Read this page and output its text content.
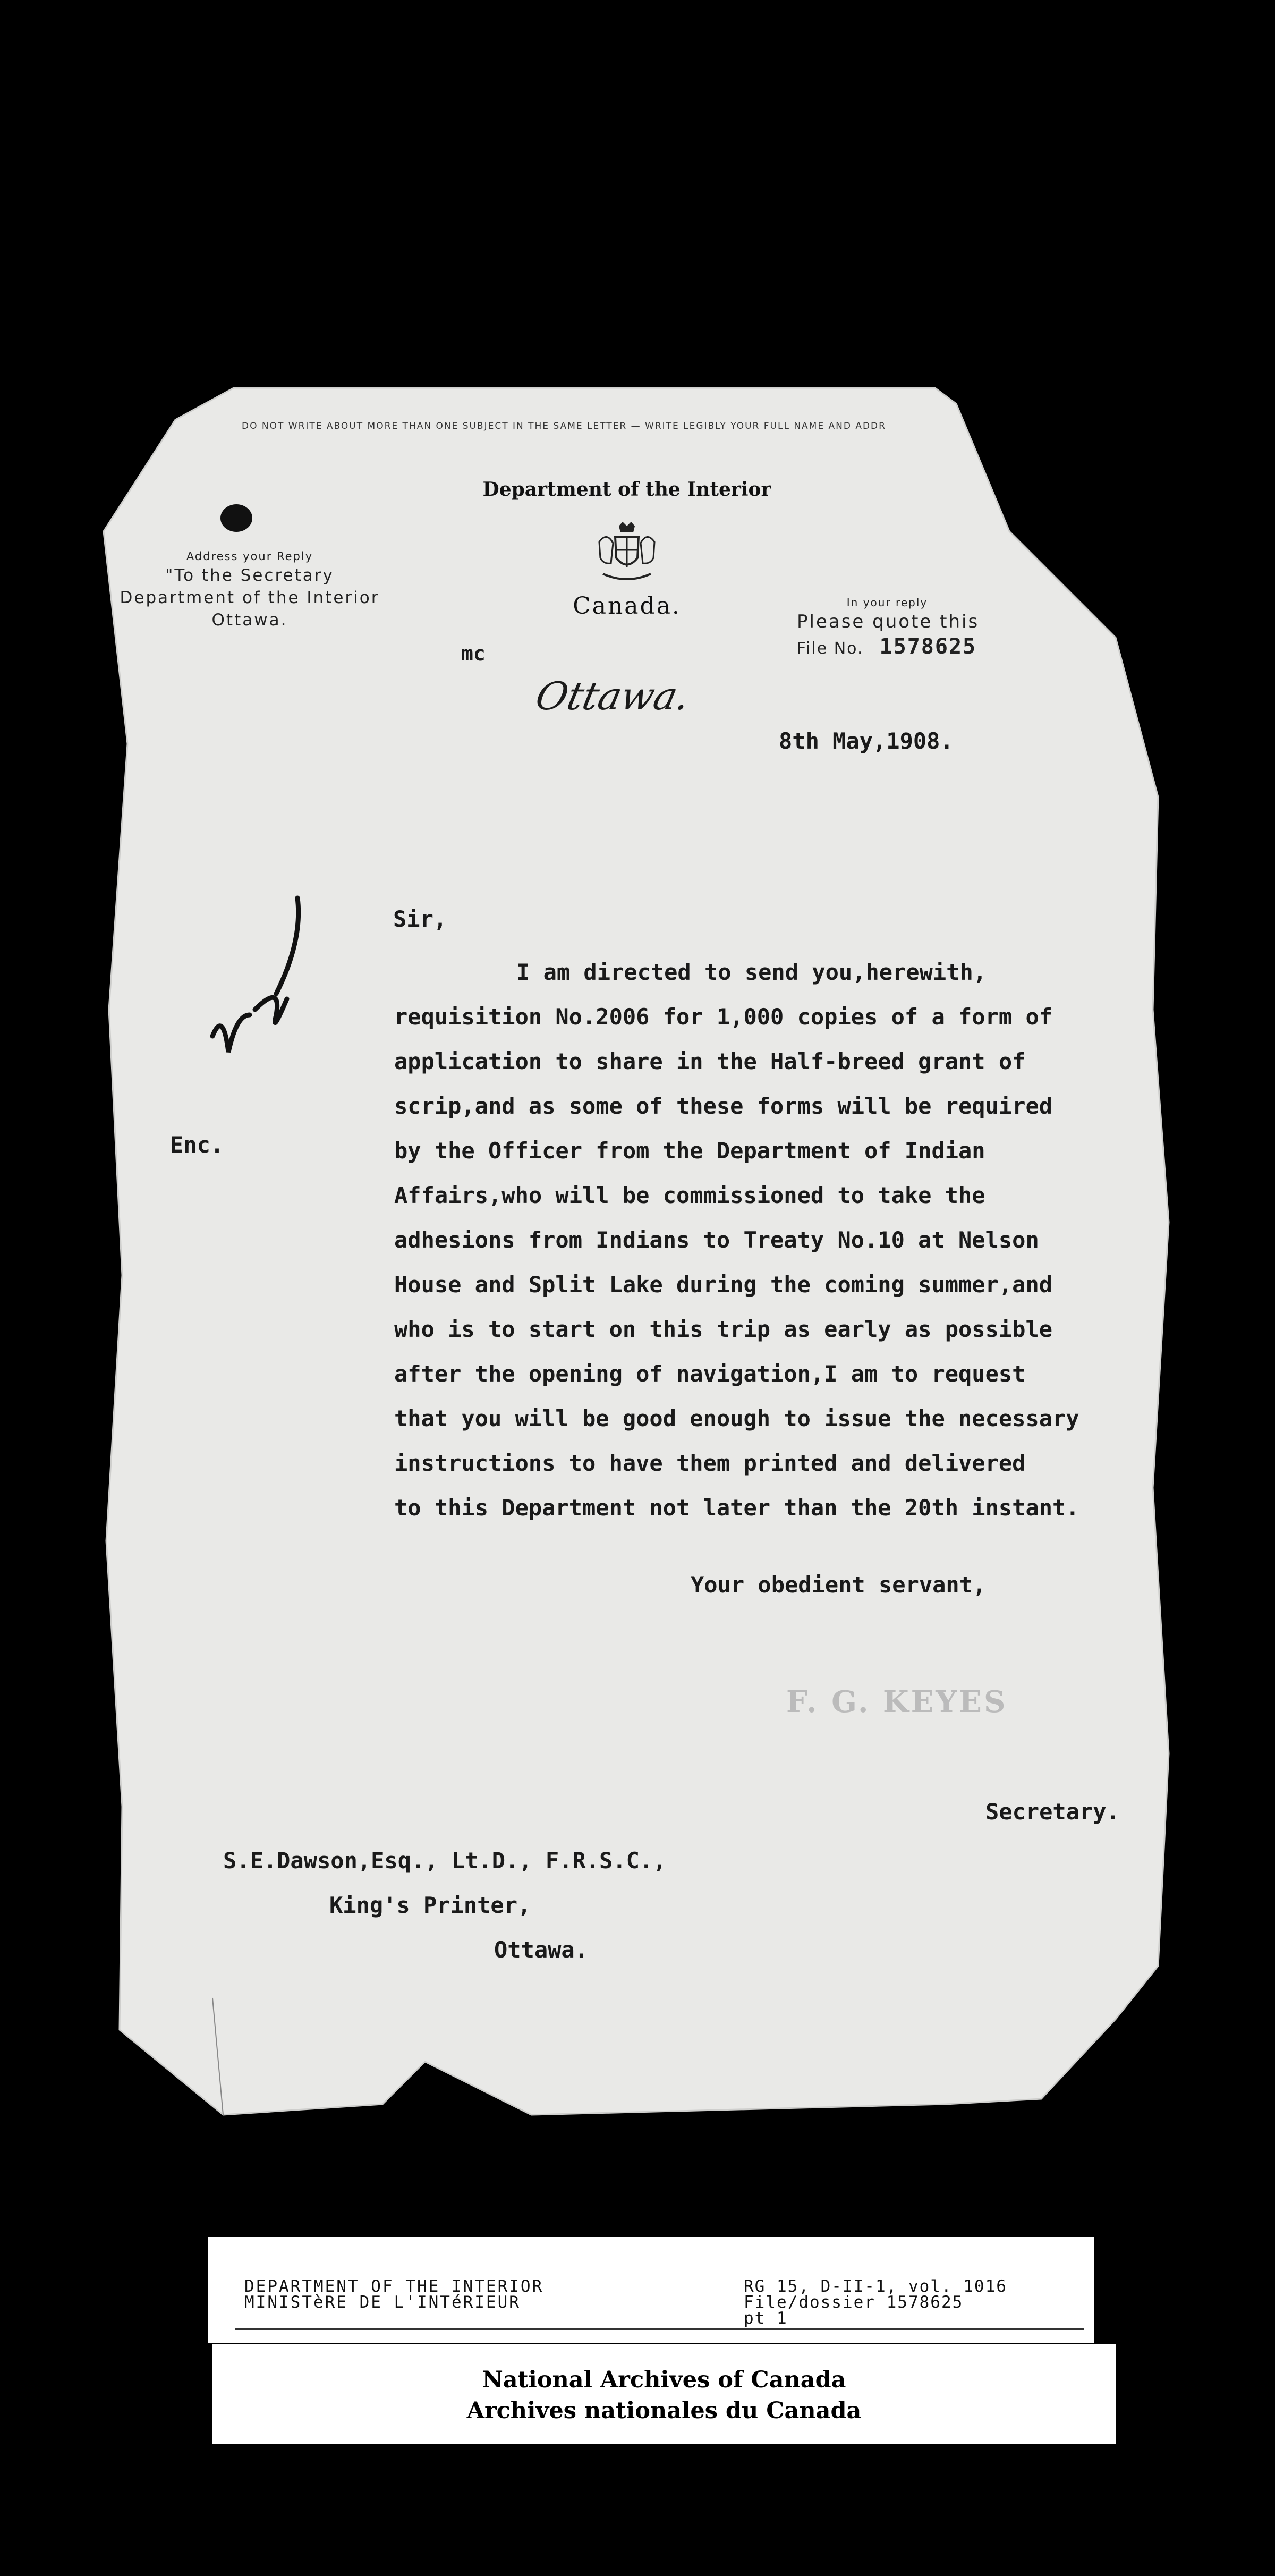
DO NOT WRITE ABOUT MORE THAN ONE SUBJECT IN THE SAME LETTER — WRITE LEGIBLY YOUR FULL NAME AND ADDR
Address your Reply
"To the Secretary
Department of the Interior
Ottawa.
Department of the Interior
Canada.	In your reply
Please quote this
File No. 1578625
mc
Ottawa.
8th May,1908.
Sir,
Enc.
I am directed to send you,herewith,
requisition No.2006 for 1,000 copies of a form of
application to share in the Half-breed grant of
scrip,and as some of these forms will be required
by the Officer from the Department of Indian
Affairs,who will be commissioned to take the
adhesions from Indians to Treaty No.10 at Nelson
House and Split Lake during the coming summer,and
who is to start on this trip as early as possible
after the opening of navigation,I am to request
that you will be good enough to issue the necessary
instructions to have them printed and delivered
to this Department not later than the 20th instant.
Your obedient servant,
F. G. KEYES
Secretary.
S.E.Dawson,Esq., Lt.D., F.R.S.C.,
King's Printer,
Ottawa.
DEPARTMENT OF THE INTERIOR
MINISTèRE DE L'INTéRIEUR
RG 15, D-II-1, vol. 1016
File/dossier 1578625
pt 1
National Archives of Canada
Archives nationales du Canada
